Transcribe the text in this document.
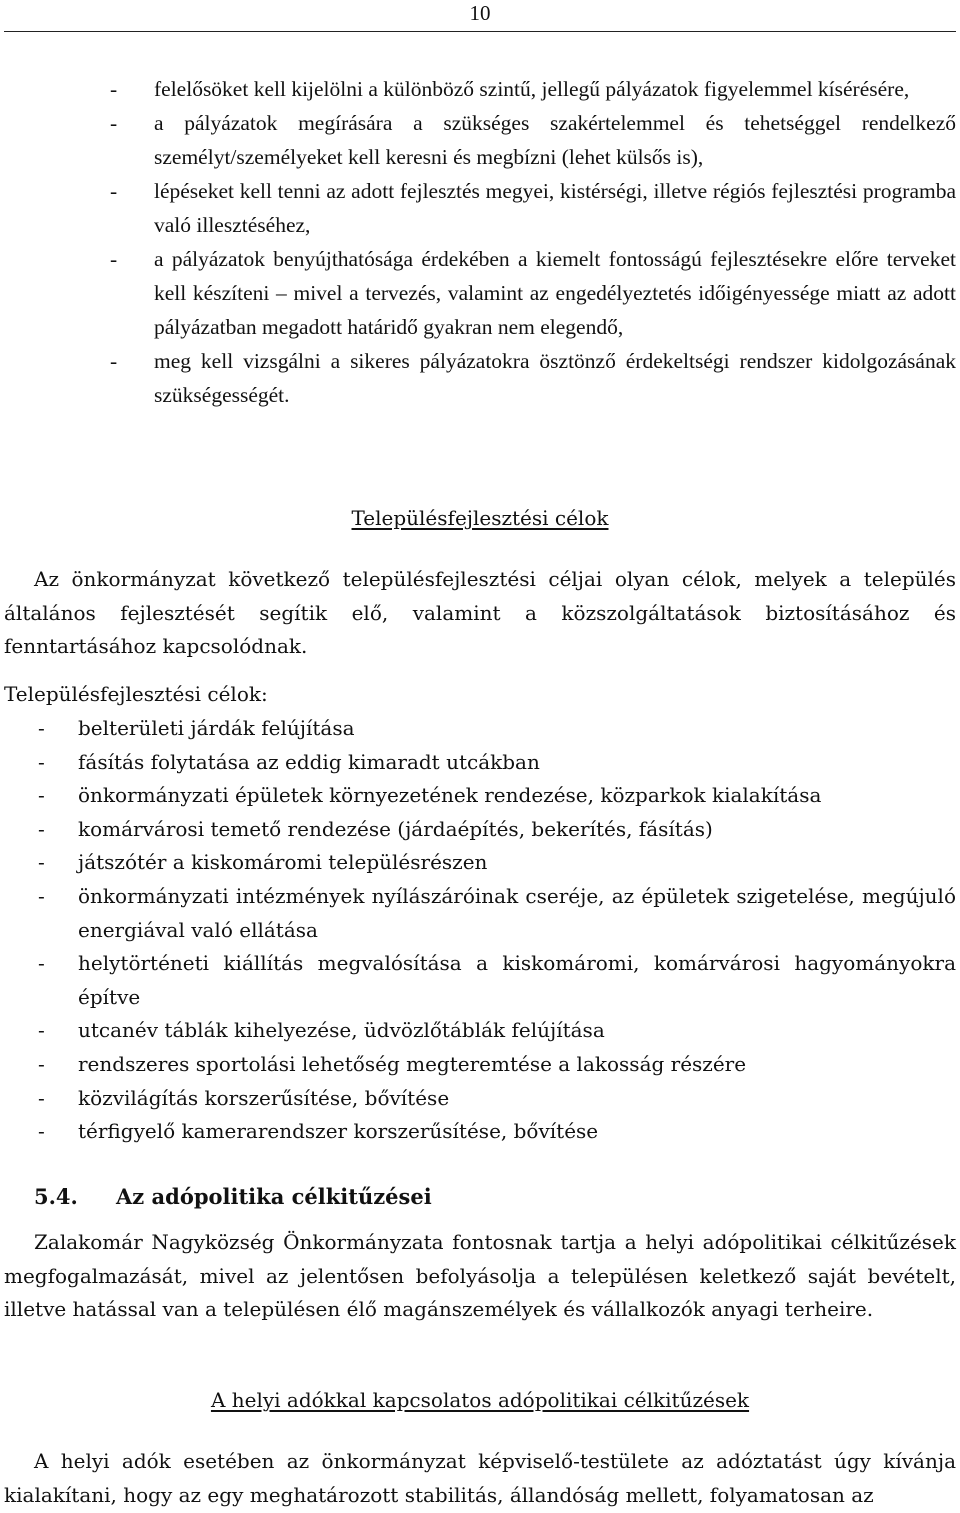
10
- felelősöket kell kijelölni a különböző szintű, jellegű pályázatok figyelemmel kísérésére,
- a pályázatok megírására a szükséges szakértelemmel és tehetséggel rendelkező személyt/személyeket kell keresni és megbízni (lehet külsős is),
- lépéseket kell tenni az adott fejlesztés megyei, kistérségi, illetve régiós fejlesztési programba való illesztéséhez,
- a pályázatok benyújthatósága érdekében a kiemelt fontosságú fejlesztésekre előre terveket kell készíteni – mivel a tervezés, valamint az engedélyeztetés időigényessége miatt az adott pályázatban megadott határidő gyakran nem elegendő,
- meg kell vizsgálni a sikeres pályázatokra ösztönző érdekeltségi rendszer kidolgozásának szükségességét.
Településfejlesztési célok

Az önkormányzat következő településfejlesztési céljai olyan célok, melyek a település általános fejlesztését segítik elő, valamint a közszolgáltatások biztosításához és fenntartásához kapcsolódnak.

Településfejlesztési célok:

- belterületi járdák felújítása
- fásítás folytatása az eddig kimaradt utcákban
- önkormányzati épületek környezetének rendezése, közparkok kialakítása
- komárvárosi temető rendezése (járdaépítés, bekerítés, fásítás)
- játszótér a kiskomáromi településrészen
- önkormányzati intézmények nyílászáróinak cseréje, az épületek szigetelése, megújuló energiával való ellátása
- helytörténeti kiállítás megvalósítása a kiskomáromi, komárvárosi hagyományokra építve
- utcanév táblák kihelyezése, üdvözlőtáblák felújítása
- rendszeres sportolási lehetőség megteremtése a lakosság részére
- közvilágítás korszerűsítése, bővítése
- térfigyelő kamerarendszer korszerűsítése, bővítése
5.4. Az adópolitika célkitűzései

Zalakomár Nagyközség Önkormányzata fontosnak tartja a helyi adópolitikai célkitűzések megfogalmazását, mivel az jelentősen befolyásolja a településen keletkező saját bevételt, illetve hatással van a településen élő magánszemélyek és vállalkozók anyagi terheire.

A helyi adókkal kapcsolatos adópolitikai célkitűzések

A helyi adók esetében az önkormányzat képviselő-testülete az adóztatást úgy kívánja kialakítani, hogy az egy meghatározott stabilitás, állandóság mellett, folyamatosan az
